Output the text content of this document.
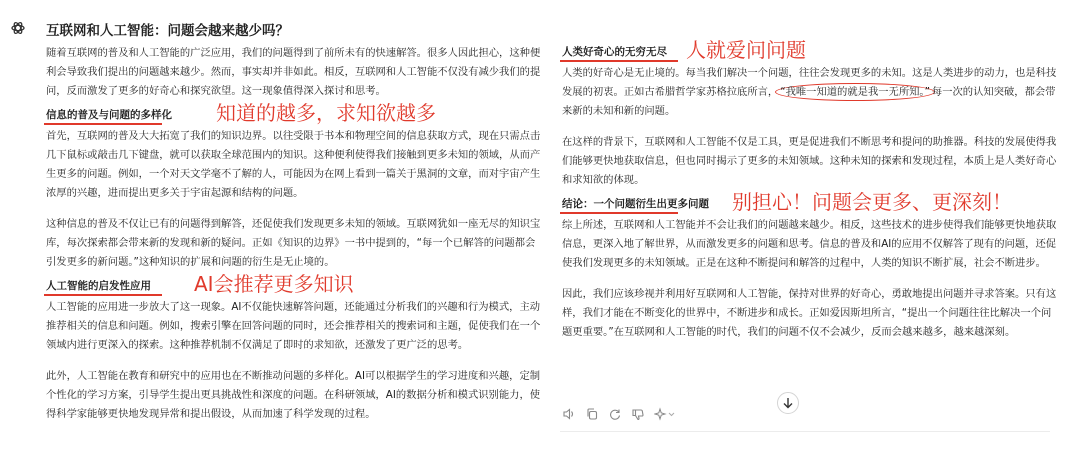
互联网和人工智能：问题会越来越少吗？

随着互联网的普及和人工智能的广泛应用，我们的问题得到了前所未有的快速解答。很多人因此担心，这种便利会导致我们提出的问题越来越少。然而，事实却并非如此。相反，互联网和人工智能不仅没有减少我们的提问，反而激发了更多的好奇心和探究欲望。这一现象值得深入探讨和思考。

信息的普及与问题的多样化 知道的越多，求知欲越多

首先，互联网的普及大大拓宽了我们的知识边界。以往受限于书本和物理空间的信息获取方式，现在只需点击几下鼠标或敲击几下键盘，就可以获取全球范围内的知识。这种便利使得我们接触到更多未知的领域，从而产生更多的问题。例如，一个对天文学毫不了解的人，可能因为在网上看到一篇关于黑洞的文章，而对宇宙产生浓厚的兴趣，进而提出更多关于宇宙起源和结构的问题。

这种信息的普及不仅让已有的问题得到解答，还促使我们发现更多未知的领域。互联网犹如一座无尽的知识宝库，每次探索都会带来新的发现和新的疑问。正如《知识的边界》一书中提到的，“每一个已解答的问题都会引发更多的新问题。”这种知识的扩展和问题的衍生是无止境的。

人工智能的启发性应用 AI会推荐更多知识

人工智能的应用进一步放大了这一现象。AI不仅能快速解答问题，还能通过分析我们的兴趣和行为模式，主动推荐相关的信息和问题。例如，搜索引擎在回答问题的同时，还会推荐相关的搜索词和主题，促使我们在一个领域内进行更深入的探索。这种推荐机制不仅满足了即时的求知欲，还激发了更广泛的思考。

此外，人工智能在教育和研究中的应用也在不断推动问题的多样化。AI可以根据学生的学习进度和兴趣，定制个性化的学习方案，引导学生提出更具挑战性和深度的问题。在科研领域，AI的数据分析和模式识别能力，使得科学家能够更快地发现异常和提出假设，从而加速了科学发现的过程。

人类好奇心的无穷无尽 人就爱问问题

人类的好奇心是无止境的。每当我们解决一个问题，往往会发现更多的未知。这是人类进步的动力，也是科技发展的初衷。正如古希腊哲学家苏格拉底所言， “我唯一知道的就是我一无所知。” 每一次的认知突破，都会带来新的未知和新的问题。

在这样的背景下，互联网和人工智能不仅是工具，更是促进我们不断思考和提问的助推器。科技的发展使得我们能够更快地获取信息，但也同时揭示了更多的未知领域。这种未知的探索和发现过程，本质上是人类好奇心和求知欲的体现。

结论：一个问题衍生出更多问题 别担心！问题会更多、更深刻！

综上所述，互联网和人工智能并不会让我们的问题越来越少。相反，这些技术的进步使得我们能够更快地获取信息，更深入地了解世界，从而激发更多的问题和思考。信息的普及和AI的应用不仅解答了现有的问题，还促使我们发现更多的未知领域。正是在这种不断提问和解答的过程中，人类的知识不断扩展，社会不断进步。

因此，我们应该珍视并利用好互联网和人工智能，保持对世界的好奇心，勇敢地提出问题并寻求答案。只有这样，我们才能在不断变化的世界中，不断进步和成长。正如爱因斯坦所言，“提出一个问题往往比解决一个问题更重要。”在互联网和人工智能的时代，我们的问题不仅不会减少，反而会越来越多，越来越深刻。
